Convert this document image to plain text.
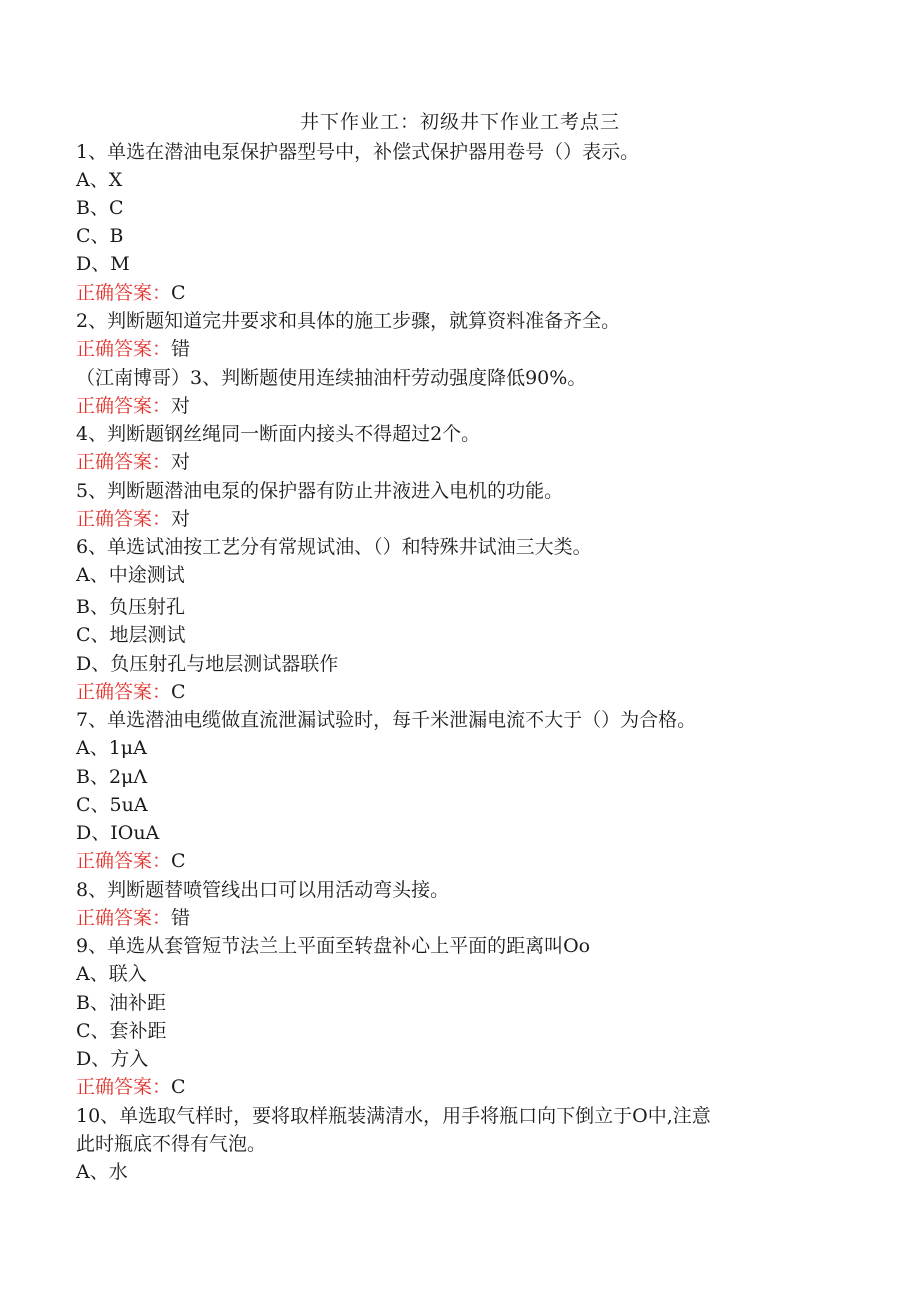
井下作业工：初级井下作业工考点三
1、单选在潜油电泵保护器型号中，补偿式保护器用卷号（）表示。
A、X
B、C
C、B
D、M
正确答案：C
2、判断题知道完井要求和具体的施工步骤，就算资料准备齐全。
正确答案：错
（江南博哥）3、判断题使用连续抽油杆劳动强度降低90%。
正确答案：对
4、判断题钢丝绳同一断面内接头不得超过2个。
正确答案：对
5、判断题潜油电泵的保护器有防止井液进入电机的功能。
正确答案：对
6、单选试油按工艺分有常规试油、（）和特殊井试油三大类。
A、中途测试
B、负压射孔
C、地层测试
D、负压射孔与地层测试器联作
正确答案：C
7、单选潜油电缆做直流泄漏试验时，每千米泄漏电流不大于（）为合格。
A、1μA
B、2μΛ
C、5uA
D、IOuA
正确答案：C
8、判断题替喷管线出口可以用活动弯头接。
正确答案：错
9、单选从套管短节法兰上平面至转盘补心上平面的距离叫Oo
A、联入
B、油补距
C、套补距
D、方入
正确答案：C
10、单选取气样时，要将取样瓶装满清水，用手将瓶口向下倒立于O中,注意
此时瓶底不得有气泡。
A、水
